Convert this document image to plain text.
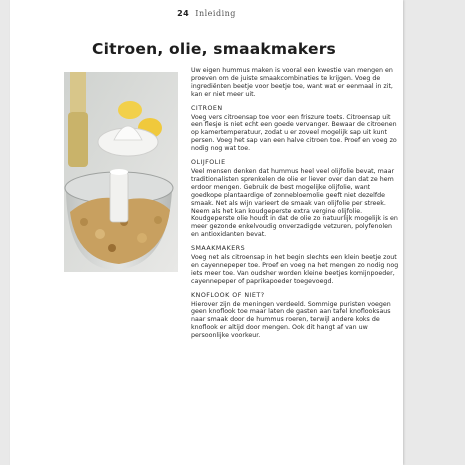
24 Inleiding
Citroen, olie, smaakmakers

Uw eigen hummus maken is vooral een kwestie van mengen en proeven om de juiste smaakcombinaties te krijgen. Voeg de ingrediënten beetje voor beetje toe, want wat er eenmaal in zit, kan er niet meer uit.

CITROEN

Voeg vers citroensap toe voor een friszure toets. Citroensap uit een flesje is niet echt een goede vervanger. Bewaar de citroenen op kamertemperatuur, zodat u er zoveel mogelijk sap uit kunt persen. Voeg het sap van een halve citroen toe. Proef en voeg zo nodig nog wat toe.

OLIJFOLIE

Veel mensen denken dat hummus heel veel olijfolie bevat, maar traditionalisten sprenkelen de olie er liever over dan dat ze hem erdoor mengen. Gebruik de best mogelijke olijfolie, want goedkope plantaardige of zonnebloemolie geeft niet dezelfde smaak. Net als wijn varieert de smaak van olijfolie per streek. Neem als het kan koudgeperste extra vergine olijfolie. Koudgeperste olie houdt in dat de olie zo natuurlijk mogelijk is en meer gezonde enkelvoudig onverzadigde vetzuren, polyfenolen en antioxidanten bevat.

SMAAKMAKERS

Voeg net als citroensap in het begin slechts een klein beetje zout en cayennepeper toe. Proef en voeg na het mengen zo nodig nog iets meer toe. Van oudsher worden kleine beetjes komijnpoeder, cayennepeper of paprikapoeder toegevoegd.

KNOFLOOK OF NIET?

Hierover zijn de meningen verdeeld. Sommige puristen voegen geen knoflook toe maar laten de gasten aan tafel knoflooksaus naar smaak door de hummus roeren, terwijl andere koks de knoflook er altijd door mengen. Ook dit hangt af van uw persoonlijke voorkeur.
